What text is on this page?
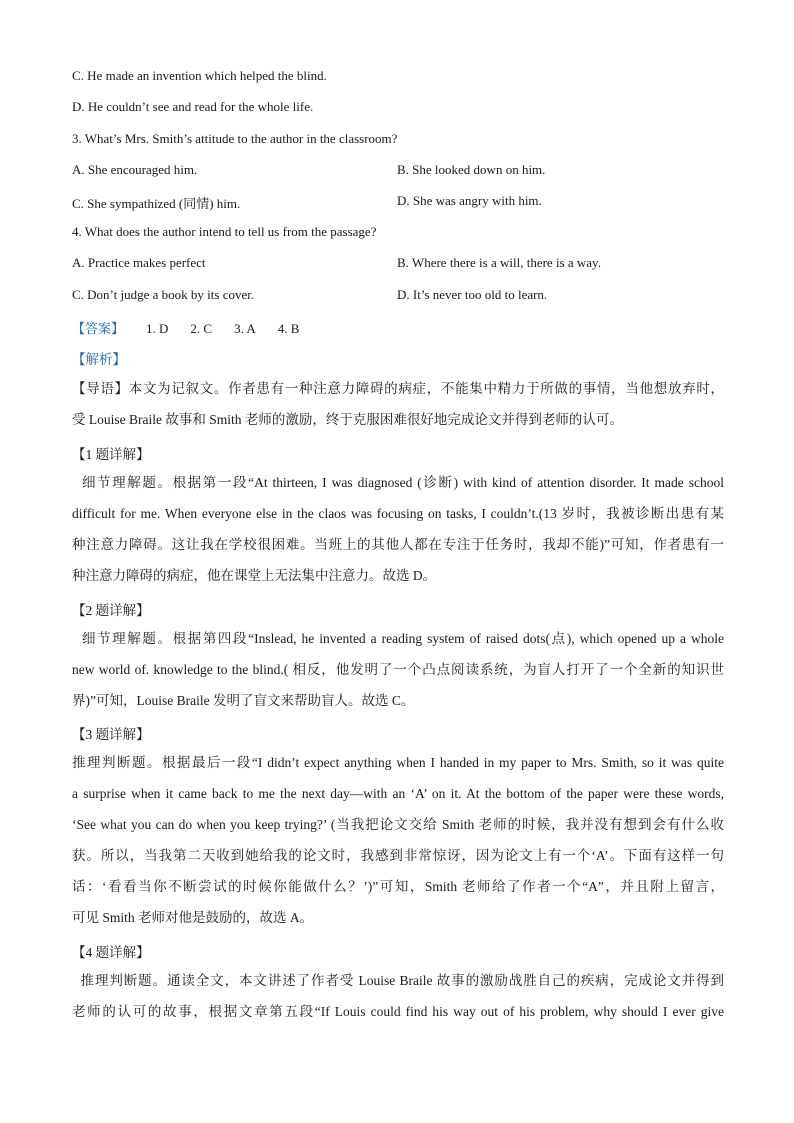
C. He made an invention which helped the blind.
D. He couldn’t see and read for the whole life.
3. What’s Mrs. Smith’s attitude to the author in the classroom?
A. She encouraged him.	B. She looked down on him.
C. She sympathized (同情) him.	D. She was angry with him.
4. What does the author intend to tell us from the passage?
A. Practice makes perfect	B. Where there is a will, there is a way.
C. Don’t judge a book by its cover.	D. It’s never too old to learn.
【答案】 1. D 2. C 3. A 4. B
【解析】
【导语】本文为记叙文。作者患有一种注意力障碍的病症，不能集中精力于所做的事情，当他想放弃时，
受 Louise Braile 故事和 Smith 老师的激励，终于克服困难很好地完成论文并得到老师的认可。
【1 题详解】
细节理解题。根据第一段“At thirteen, I was diagnosed (诊断) with kind of attention disorder. It made school
difficult for me. When everyone else in the claos was focusing on tasks, I couldn’t.(13 岁时，我被诊断出患有某
种注意力障碍。这让我在学校很困难。当班上的其他人都在专注于任务时，我却不能)”可知，作者患有一
种注意力障碍的病症，他在课堂上无法集中注意力。故选 D。
【2 题详解】
细节理解题。根据第四段“Inslead, he invented a reading system of raised dots(点), which opened up a whole
new world of. knowledge to the blind.( 相反，他发明了一个凸点阅读系统，为盲人打开了一个全新的知识世
界)”可知，Louise Braile 发明了盲文来帮助盲人。故选 C。
【3 题详解】
推理判断题。根据最后一段“I didn’t expect anything when I handed in my paper to Mrs. Smith, so it was quite
a surprise when it came back to me the next day—with an ‘A’ on it. At the bottom of the paper were these words,
‘See what you can do when you keep trying?’ (当我把论文交给 Smith 老师的时候，我并没有想到会有什么收
获。所以，当我第二天收到她给我的论文时，我感到非常惊讶，因为论文上有一个‘A’。下面有这样一句
话：‘看看当你不断尝试的时候你能做什么？’)”可知，Smith 老师给了作者一个“A”，并且附上留言，
可见 Smith 老师对他是鼓励的，故选 A。
【4 题详解】
推理判断题。通读全文，本文讲述了作者受 Louise Braile 故事的激励战胜自己的疾病，完成论文并得到
老师的认可的故事，根据文章第五段“If Louis could find his way out of his problem, why should I ever give
